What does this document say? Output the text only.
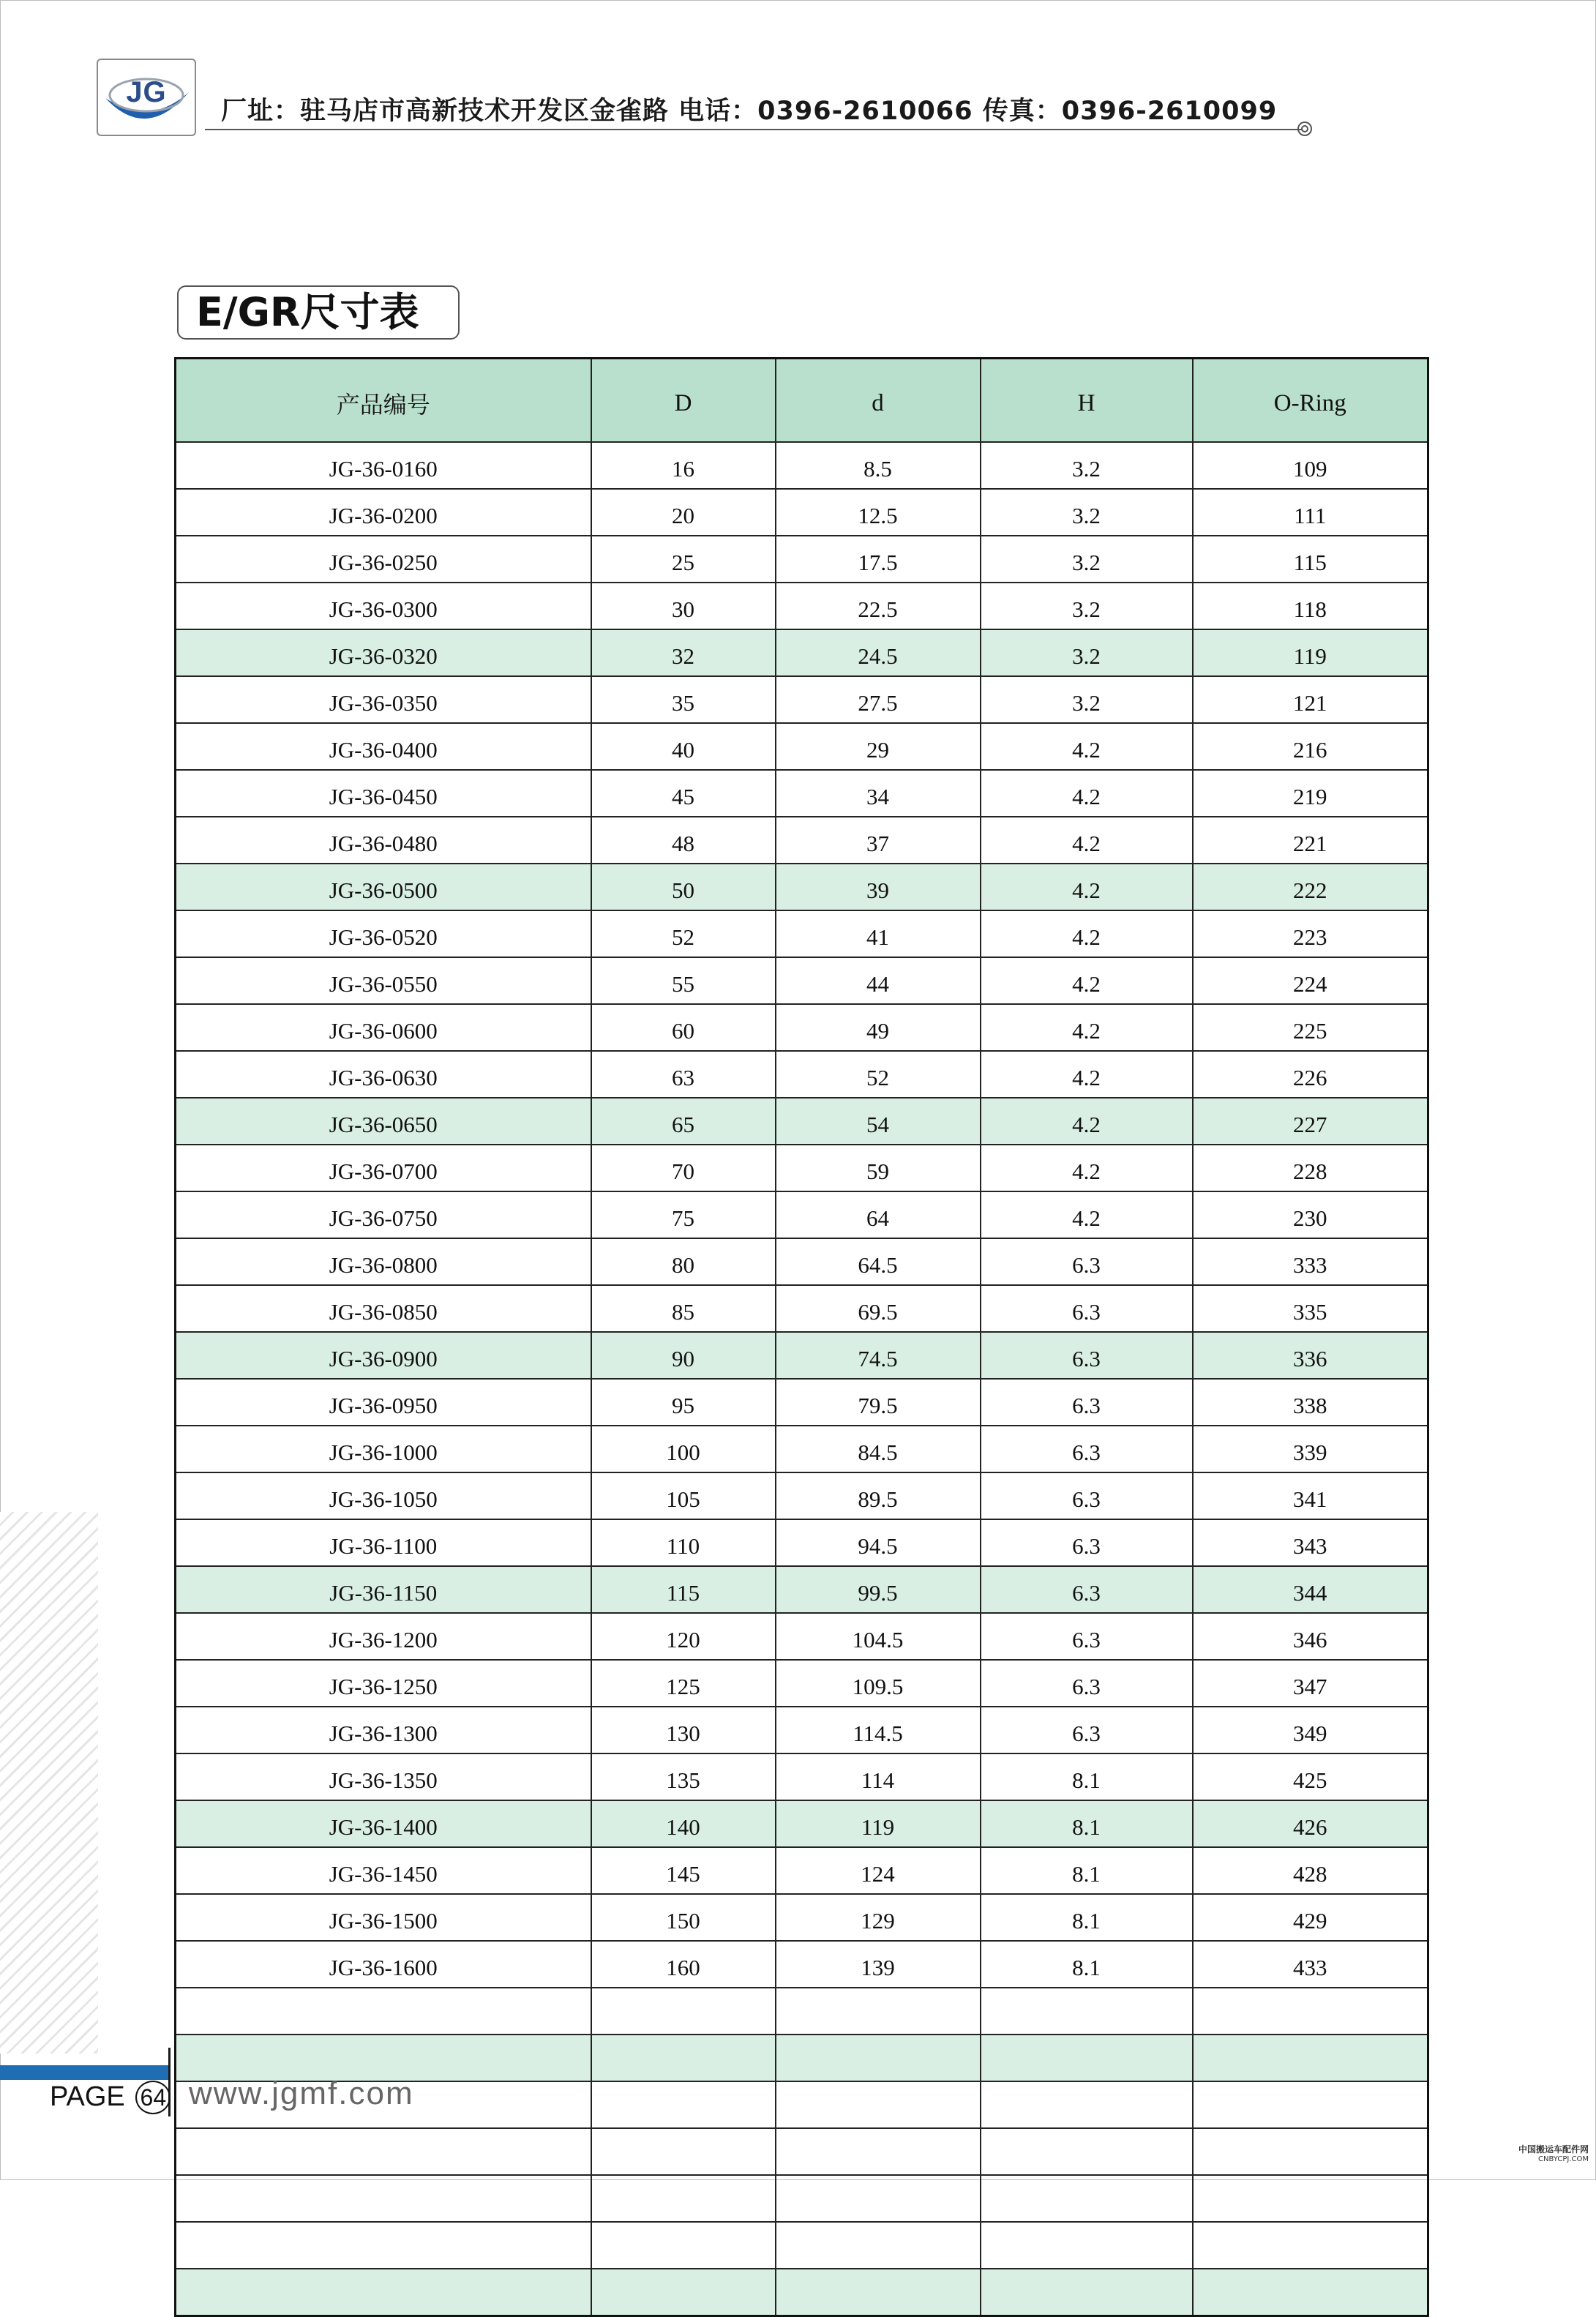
JG
厂址：驻马店市高新技术开发区金雀路 电话：0396-2610066 传真：0396-2610099
E/GR尺寸表
产品编号	D	d	H	O-Ring
JG-36-0160	16	8.5	3.2	109
JG-36-0200	20	12.5	3.2	111
JG-36-0250	25	17.5	3.2	115
JG-36-0300	30	22.5	3.2	118
JG-36-0320	32	24.5	3.2	119
JG-36-0350	35	27.5	3.2	121
JG-36-0400	40	29	4.2	216
JG-36-0450	45	34	4.2	219
JG-36-0480	48	37	4.2	221
JG-36-0500	50	39	4.2	222
JG-36-0520	52	41	4.2	223
JG-36-0550	55	44	4.2	224
JG-36-0600	60	49	4.2	225
JG-36-0630	63	52	4.2	226
JG-36-0650	65	54	4.2	227
JG-36-0700	70	59	4.2	228
JG-36-0750	75	64	4.2	230
JG-36-0800	80	64.5	6.3	333
JG-36-0850	85	69.5	6.3	335
JG-36-0900	90	74.5	6.3	336
JG-36-0950	95	79.5	6.3	338
JG-36-1000	100	84.5	6.3	339
JG-36-1050	105	89.5	6.3	341
JG-36-1100	110	94.5	6.3	343
JG-36-1150	115	99.5	6.3	344
JG-36-1200	120	104.5	6.3	346
JG-36-1250	125	109.5	6.3	347
JG-36-1300	130	114.5	6.3	349
JG-36-1350	135	114	8.1	425
JG-36-1400	140	119	8.1	426
JG-36-1450	145	124	8.1	428
JG-36-1500	150	129	8.1	429
JG-36-1600	160	139	8.1	433

PAGE 64 www.jgmf.com
中国搬运车配件网
CNBYCPJ.COM
